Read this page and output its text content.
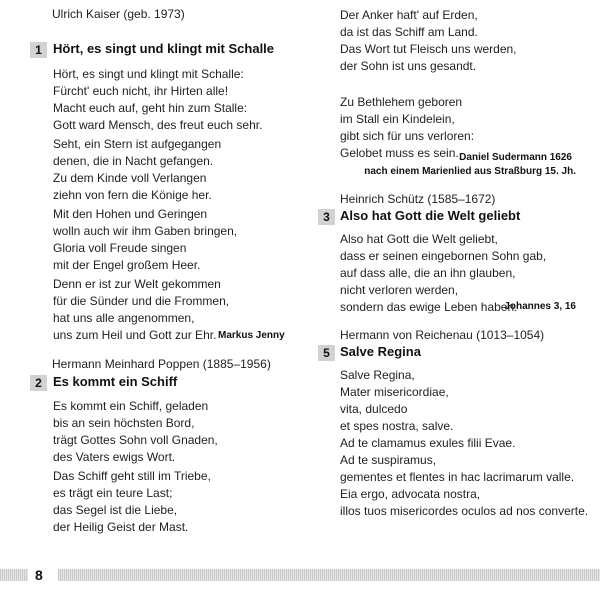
Ulrich Kaiser (geb. 1973)
1 Hört, es singt und klingt mit Schalle
Hört, es singt und klingt mit Schalle:
Fürcht' euch nicht, ihr Hirten alle!
Macht euch auf, geht hin zum Stalle:
Gott ward Mensch, des freut euch sehr.
Seht, ein Stern ist aufgegangen
denen, die in Nacht gefangen.
Zu dem Kinde voll Verlangen
ziehn von fern die Könige her.
Mit den Hohen und Geringen
wolln auch wir ihm Gaben bringen,
Gloria voll Freude singen
mit der Engel großem Heer.
Denn er ist zur Welt gekommen
für die Sünder und die Frommen,
hat uns alle angenommen,
uns zum Heil und Gott zur Ehr. Markus Jenny
Hermann Meinhard Poppen (1885–1956)
2 Es kommt ein Schiff
Es kommt ein Schiff, geladen
bis an sein höchsten Bord,
trägt Gottes Sohn voll Gnaden,
des Vaters ewigs Wort.
Das Schiff geht still im Triebe,
es trägt ein teure Last;
das Segel ist die Liebe,
der Heilig Geist der Mast.
Der Anker haft' auf Erden,
da ist das Schiff am Land.
Das Wort tut Fleisch uns werden,
der Sohn ist uns gesandt.
Zu Bethlehem geboren
im Stall ein Kindelein,
gibt sich für uns verloren:
Gelobet muss es sein. Daniel Sudermann 1626
nach einem Marienlied aus Straßburg 15. Jh.
Heinrich Schütz (1585–1672)
3 Also hat Gott die Welt geliebt
Also hat Gott die Welt geliebt,
dass er seinen eingebornen Sohn gab,
auf dass alle, die an ihn glauben,
nicht verloren werden,
sondern das ewige Leben haben.
Johannes 3, 16
Hermann von Reichenau (1013–1054)
5 Salve Regina
Salve Regina,
Mater misericordiae,
vita, dulcedo
et spes nostra, salve.
Ad te clamamus exules filii Evae.
Ad te suspiramus,
gementes et flentes in hac lacrimarum valle.
Eia ergo, advocata nostra,
illos tuos misericordes oculos ad nos converte.
8
